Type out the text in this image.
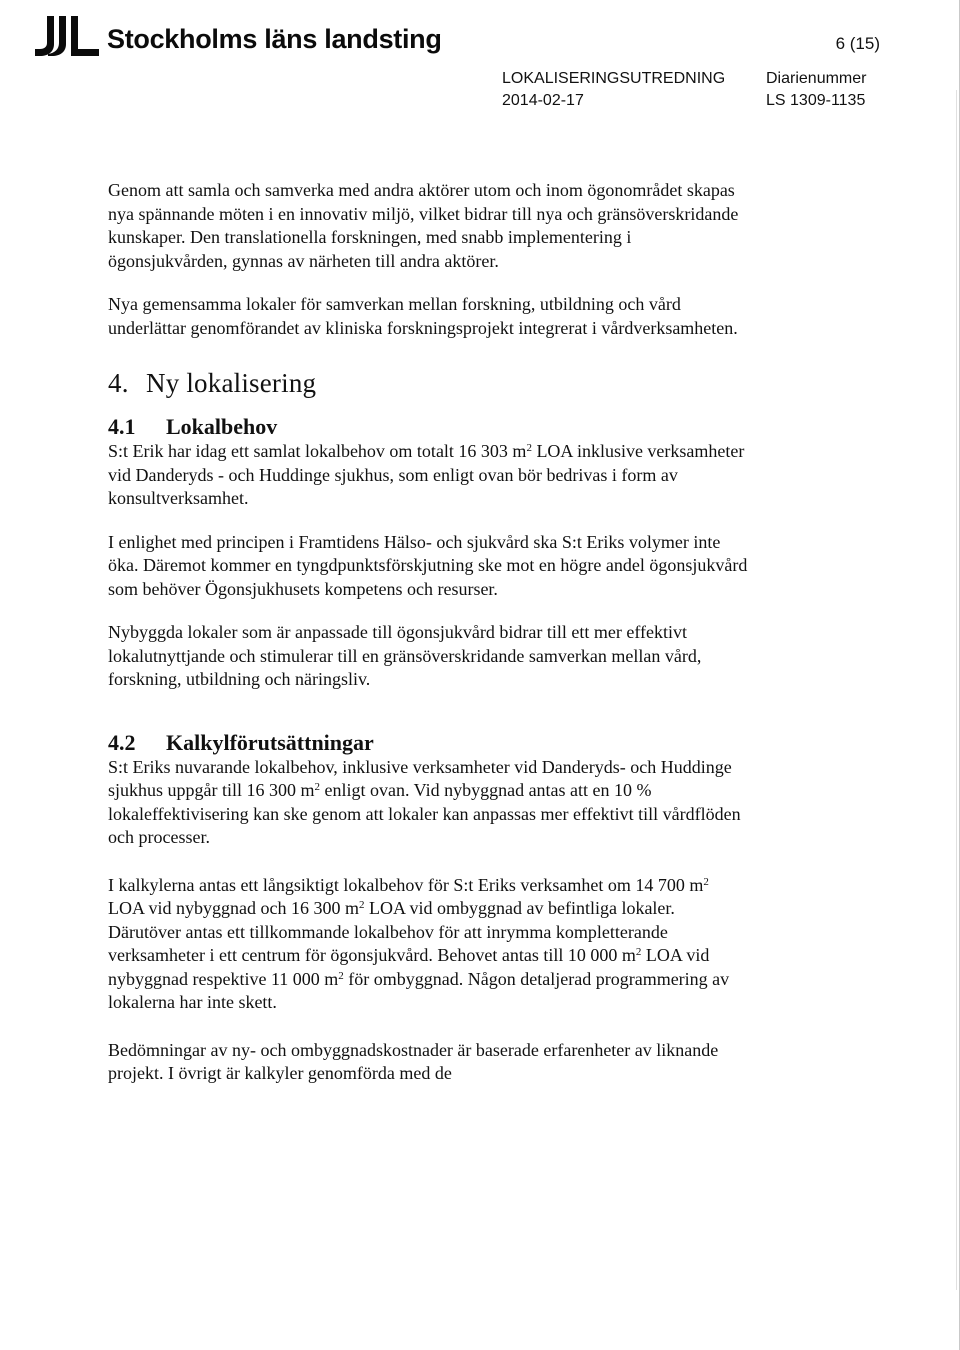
Stockholms läns landsting	6 (15)
LOKALISERINGSUTREDNING
2014-02-17
Diarienummer
LS 1309-1135

Genom att samla och samverka med andra aktörer utom och inom ögonområdet skapas nya spännande möten i en innovativ miljö, vilket bidrar till nya och gränsöverskridande kunskaper. Den translationella forskningen, med snabb implementering i ögonsjukvården, gynnas av närheten till andra aktörer.

Nya gemensamma lokaler för samverkan mellan forskning, utbildning och vård underlättar genomförandet av kliniska forskningsprojekt integrerat i vårdverksamheten.

4. Ny lokalisering
4.1 Lokalbehov

S:t Erik har idag ett samlat lokalbehov om totalt 16 303 $m^2$ LOA inklusive verksamheter vid Danderyds - och Huddinge sjukhus, som enligt ovan bör bedrivas i form av konsultverksamhet.

I enlighet med principen i Framtidens Hälso- och sjukvård ska S:t Eriks volymer inte öka. Däremot kommer en tyngdpunktsförskjutning ske mot en högre andel ögonsjukvård som behöver Ögonsjukhusets kompetens och resurser.

Nybyggda lokaler som är anpassade till ögonsjukvård bidrar till ett mer effektivt lokalutnyttjande och stimulerar till en gränsöverskridande samverkan mellan vård, forskning, utbildning och näringsliv.

4.2 Kalkylförutsättningar

S:t Eriks nuvarande lokalbehov, inklusive verksamheter vid Danderyds- och Huddinge sjukhus uppgår till 16 300 $m^2$ enligt ovan. Vid nybyggnad antas att en 10 % lokaleffektivisering kan ske genom att lokaler kan anpassas mer effektivt till vårdflöden och processer.

I kalkylerna antas ett långsiktigt lokalbehov för S:t Eriks verksamhet om 14 700 $m^2$ LOA vid nybyggnad och 16 300 $m^2$ LOA vid ombyggnad av befintliga lokaler. Därutöver antas ett tillkommande lokalbehov för att inrymma kompletterande verksamheter i ett centrum för ögonsjukvård. Behovet antas till 10 000 $m^2$ LOA vid nybyggnad respektive 11 000 $m^2$ för ombyggnad. Någon detaljerad programmering av lokalerna har inte skett.

Bedömningar av ny- och ombyggnadskostnader är baserade erfarenheter av liknande projekt. I övrigt är kalkyler genomförda med de
